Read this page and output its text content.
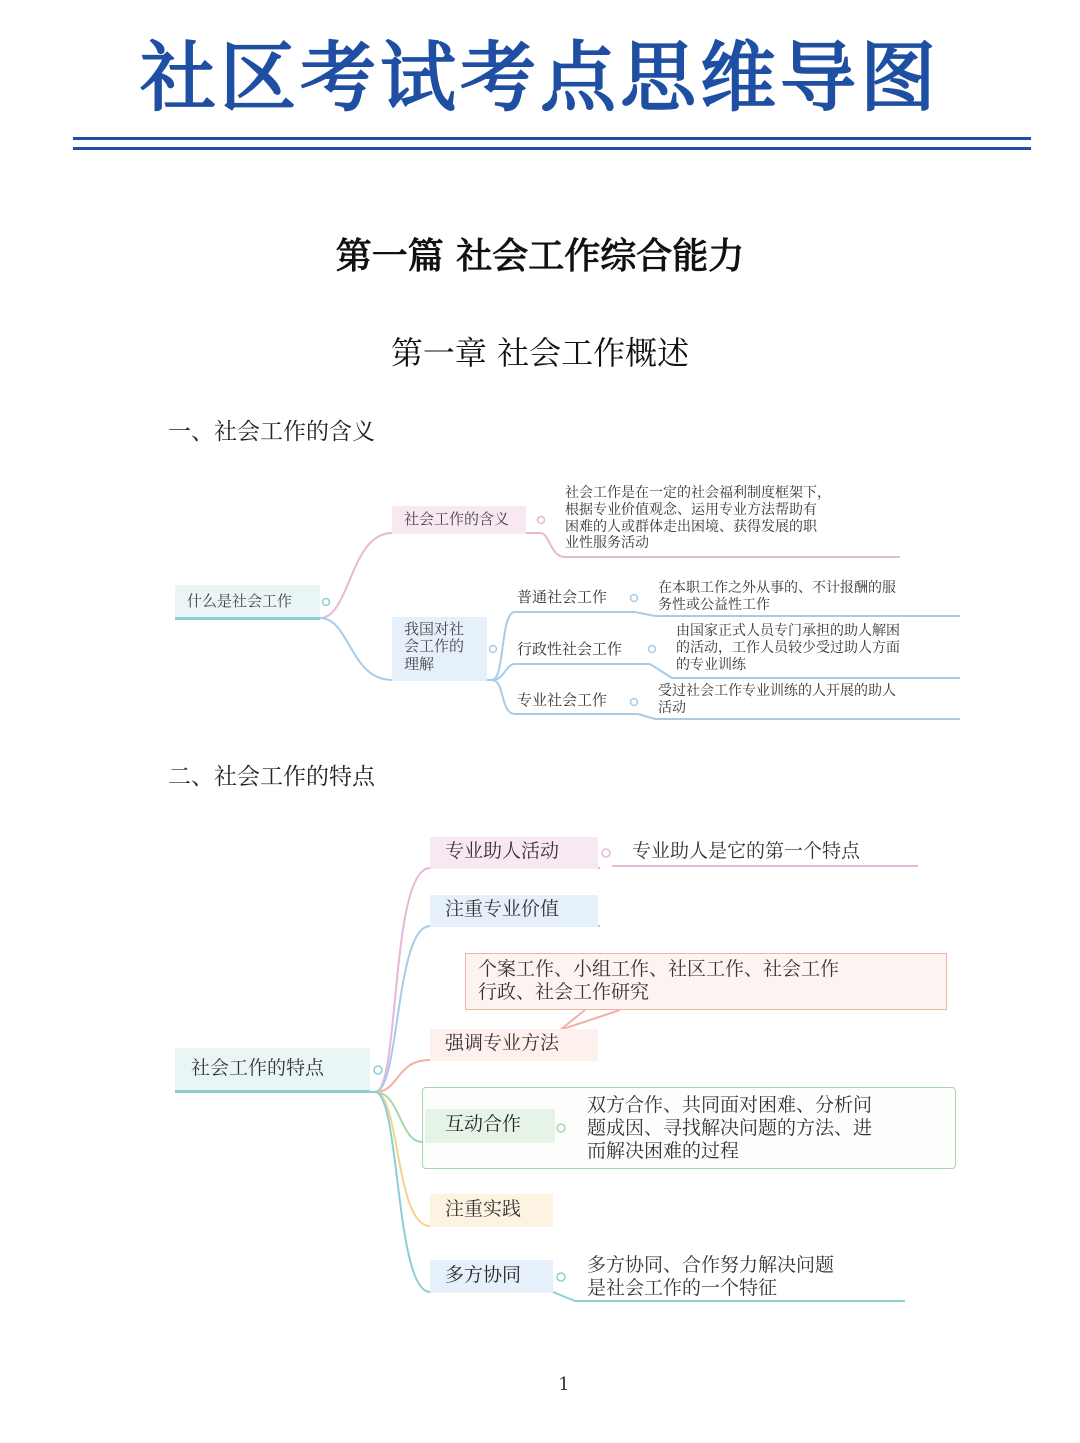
社区考试考点思维导图
第一篇 社会工作综合能力
第一章 社会工作概述
一、社会工作的含义
什么是社会工作
社会工作的含义
社会工作是在一定的社会福利制度框架下，
根据专业价值观念、运用专业方法帮助有
困难的人或群体走出困境、获得发展的职
业性服务活动
我国对社
会工作的
理解
普通社会工作	在本职工作之外从事的、不计报酬的服
务性或公益性工作
行政性社会工作
由国家正式人员专门承担的助人解困
的活动，工作人员较少受过助人方面
的专业训练
专业社会工作	受过社会工作专业训练的人开展的助人
活动
二、社会工作的特点
社会工作的特点
专业助人活动	专业助人是它的第一个特点
注重专业价值
个案工作、小组工作、社区工作、社会工作
行政、社会工作研究
强调专业方法
互动合作
双方合作、共同面对困难、分析问
题成因、寻找解决问题的方法、进
而解决困难的过程
注重实践
多方协同	多方协同、合作努力解决问题
是社会工作的一个特征
1
